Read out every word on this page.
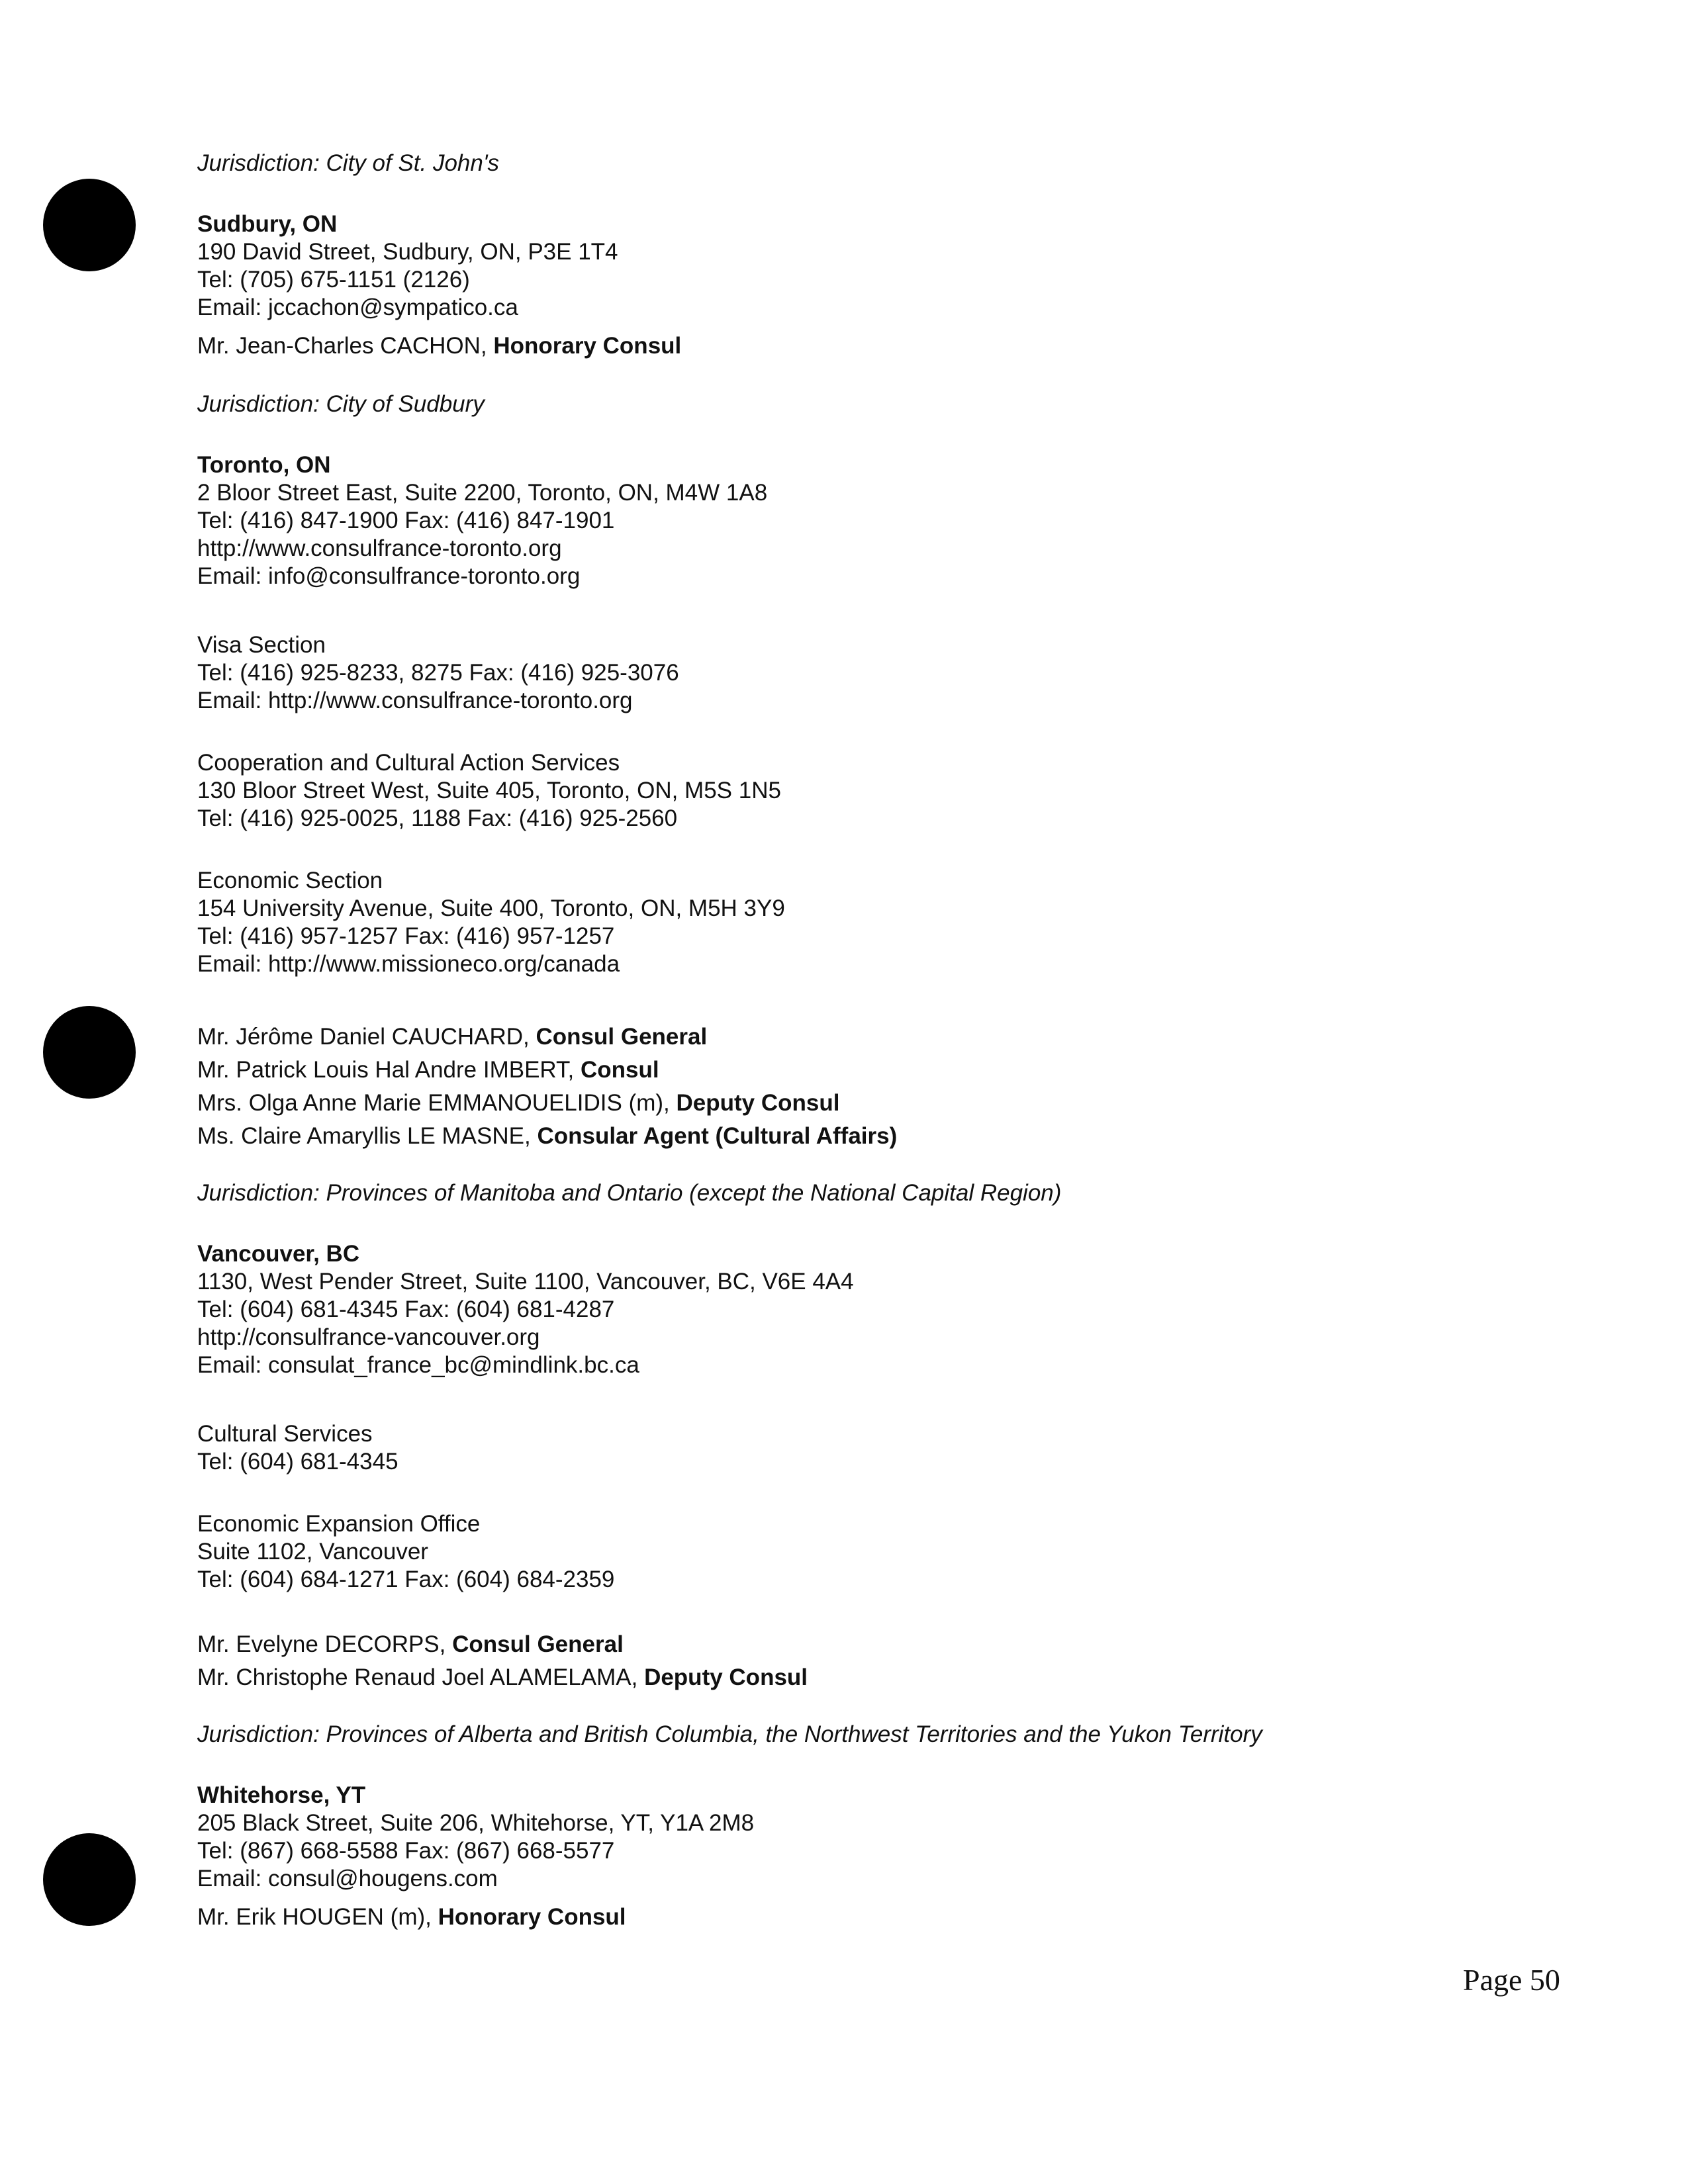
Jurisdiction: City of St. John's

Sudbury, ON

190 David Street, Sudbury, ON, P3E 1T4

Tel: (705) 675-1151 (2126)

Email: jccachon@sympatico.ca

Mr. Jean-Charles CACHON, Honorary Consul

Jurisdiction: City of Sudbury

Toronto, ON

2 Bloor Street East, Suite 2200, Toronto, ON, M4W 1A8

Tel: (416) 847-1900 Fax: (416) 847-1901

http://www.consulfrance-toronto.org

Email: info@consulfrance-toronto.org

Visa Section

Tel: (416) 925-8233, 8275 Fax: (416) 925-3076

Email: http://www.consulfrance-toronto.org

Cooperation and Cultural Action Services

130 Bloor Street West, Suite 405, Toronto, ON, M5S 1N5

Tel: (416) 925-0025, 1188 Fax: (416) 925-2560

Economic Section

154 University Avenue, Suite 400, Toronto, ON, M5H 3Y9

Tel: (416) 957-1257 Fax: (416) 957-1257

Email: http://www.missioneco.org/canada

Mr. Jérôme Daniel CAUCHARD, Consul General

Mr. Patrick Louis Hal Andre IMBERT, Consul

Mrs. Olga Anne Marie EMMANOUELIDIS (m), Deputy Consul

Ms. Claire Amaryllis LE MASNE, Consular Agent (Cultural Affairs)

Jurisdiction: Provinces of Manitoba and Ontario (except the National Capital Region)

Vancouver, BC

1130, West Pender Street, Suite 1100, Vancouver, BC, V6E 4A4

Tel: (604) 681-4345 Fax: (604) 681-4287

http://consulfrance-vancouver.org

Email: consulat_france_bc@mindlink.bc.ca

Cultural Services

Tel: (604) 681-4345

Economic Expansion Office

Suite 1102, Vancouver

Tel: (604) 684-1271 Fax: (604) 684-2359

Mr. Evelyne DECORPS, Consul General

Mr. Christophe Renaud Joel ALAMELAMA, Deputy Consul

Jurisdiction: Provinces of Alberta and British Columbia, the Northwest Territories and the Yukon Territory

Whitehorse, YT

205 Black Street, Suite 206, Whitehorse, YT, Y1A 2M8

Tel: (867) 668-5588 Fax: (867) 668-5577

Email: consul@hougens.com

Mr. Erik HOUGEN (m), Honorary Consul

Page 50
